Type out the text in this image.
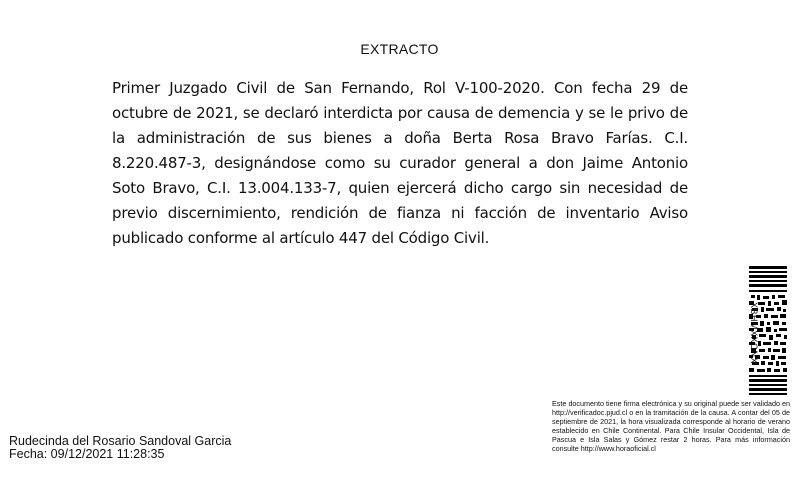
EXTRACTO
Primer Juzgado Civil de San Fernando, Rol V-100-2020. Con fecha 29 de octubre de 2021, se declaró interdicta por causa de demencia y se le privo de la administración de sus bienes a doña Berta Rosa Bravo Farías. C.I. 8.220.487-3, designándose como su curador general a don Jaime Antonio Soto Bravo, C.I. 13.004.133-7, quien ejercerá dicho cargo sin necesidad de previo discernimiento, rendición de fianza ni facción de inventario Aviso publicado conforme al artículo 447 del Código Civil.
XBHMXXONX
Este documento tiene firma electrónica y su original puede ser validado en http://verificadoc.pjud.cl o en la tramitación de la causa. A contar del 05 de septiembre de 2021, la hora visualizada corresponde al horario de verano establecido en Chile Continental. Para Chile Insular Occidental, Isla de Pascua e Isla Salas y Gómez restar 2 horas. Para más información consulte http://www.horaoficial.cl
Rudecinda del Rosario Sandoval Garcia
Fecha: 09/12/2021 11:28:35
